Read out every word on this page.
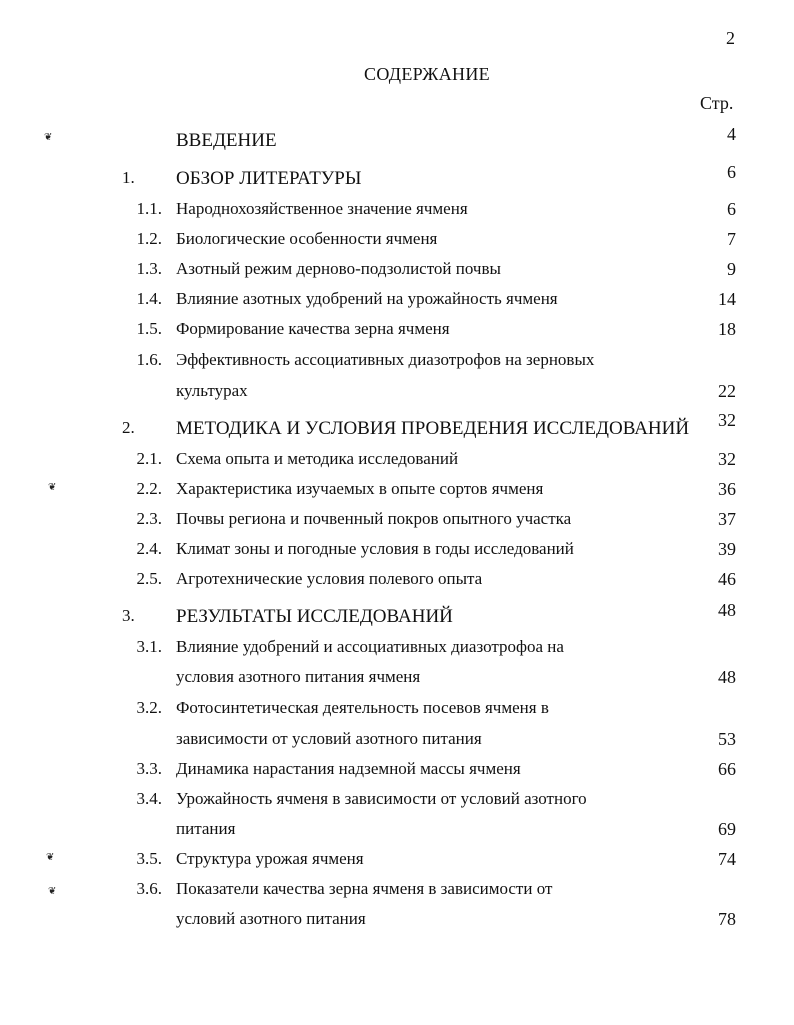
2
СОДЕРЖАНИЕ
Стр.
ВВЕДЕНИЕ	4
1. ОБЗОР ЛИТЕРАТУРЫ	6
1.1. Народнохозяйственное значение ячменя	6
1.2. Биологические особенности ячменя	7
1.3. Азотный режим дерново-подзолистой почвы	9
1.4. Влияние азотных удобрений на урожайность ячменя	14
1.5. Формирование качества зерна ячменя	18
1.6. Эффективность ассоциативных диазотрофов на зерновых
культурах	22
2. МЕТОДИКА И УСЛОВИЯ ПРОВЕДЕНИЯ ИССЛЕДОВАНИЙ 32
2.1. Схема опыта и методика исследований	32
2.2. Характеристика изучаемых в опыте сортов ячменя	36
2.3. Почвы региона и почвенный покров опытного участка	37
2.4. Климат зоны и погодные условия в годы исследований	39
2.5. Агротехнические условия полевого опыта	46
3. РЕЗУЛЬТАТЫ ИССЛЕДОВАНИЙ	48
3.1. Влияние удобрений и ассоциативных диазотрофоа на
условия азотного питания ячменя	48
3.2. Фотосинтетическая деятельность посевов ячменя в
зависимости от условий азотного питания	53
3.3. Динамика нарастания надземной массы ячменя	66
3.4. Урожайность ячменя в зависимости от условий азотного
питания	69
3.5. Структура урожая ячменя	74
3.6. Показатели качества зерна ячменя в зависимости от
условий азотного питания	78
❦
❦
❦
❦
